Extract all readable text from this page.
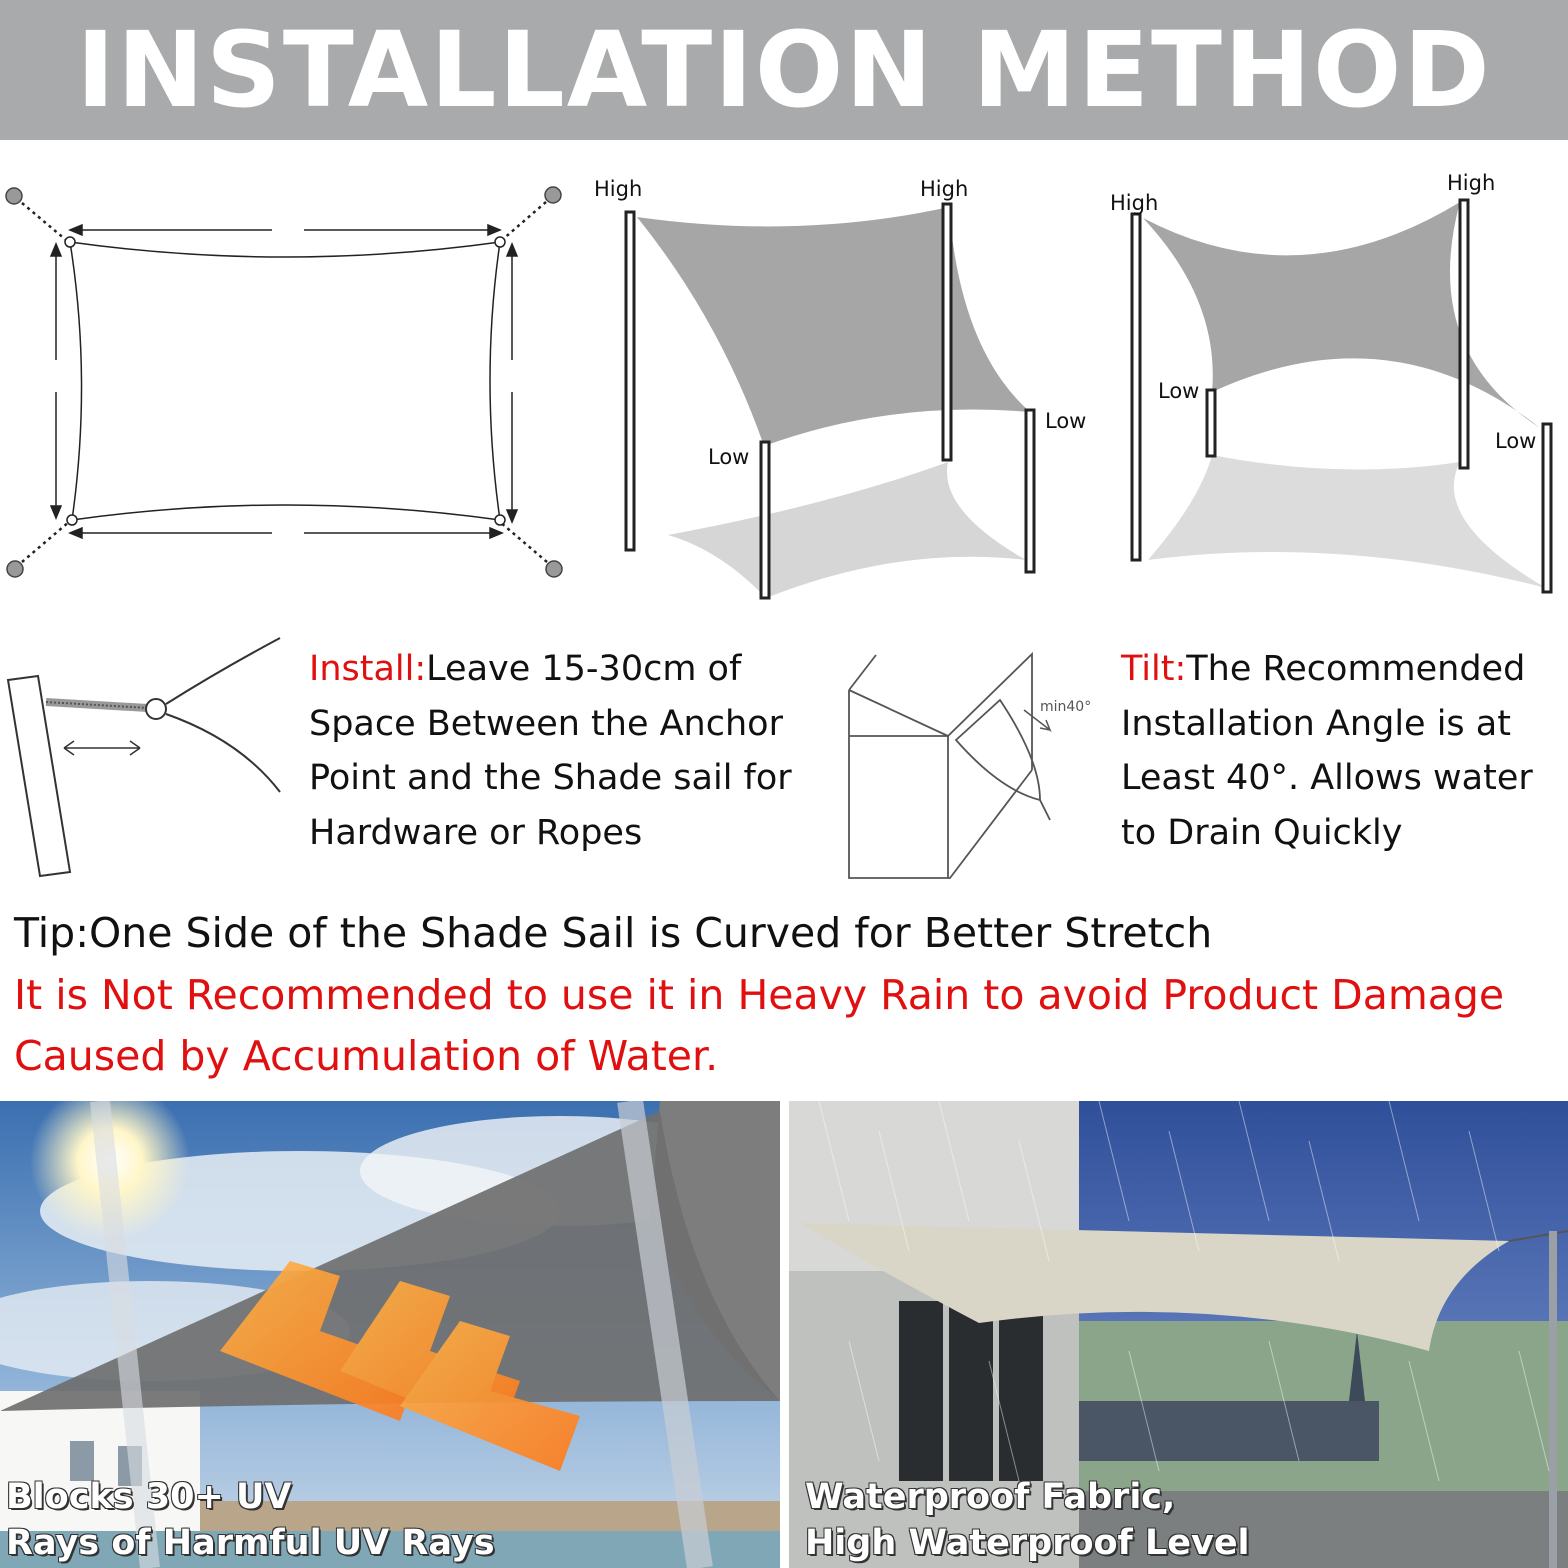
INSTALLATION METHOD
High	High
Low
Low
High
High
Low
Low
Install:Leave 15-30cm of
Space Between the Anchor
Point and the Shade sail for
Hardware or Ropes
min40°
Tilt:The Recommended
Installation Angle is at
Least 40°. Allows water
to Drain Quickly
Tip:One Side of the Shade Sail is Curved for Better Stretch
It is Not Recommended to use it in Heavy Rain to avoid Product Damage
Caused by Accumulation of Water.
Blocks 30+ UV
Rays of Harmful UV Rays
Waterproof Fabric,
High Waterproof Level
